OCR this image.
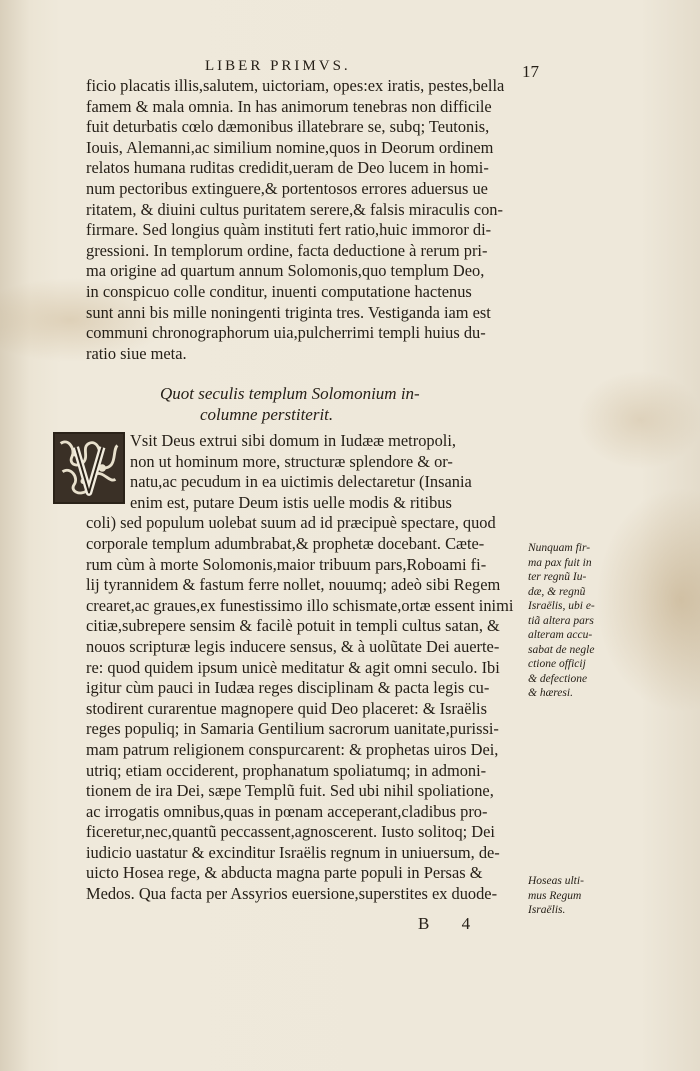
LIBER PRIMVS.	17
ficio placatis illis,salutem, uictoriam, opes:ex iratis, pestes,bella
famem & mala omnia. In has animorum tenebras non difficile
fuit deturbatis cœlo dæmonibus illatebrare se, subq; Teutonis,
Iouis, Alemanni,ac similium nomine,quos in Deorum ordinem
relatos humana ruditas credidit,ueram de Deo lucem in homi-
num pectoribus extinguere,& portentosos errores aduersus ue
ritatem, & diuini cultus puritatem serere,& falsis miraculis con-
firmare. Sed longius quàm instituti fert ratio,huic immoror di-
gressioni. In templorum ordine, facta deductione à rerum pri-
ma origine ad quartum annum Solomonis,quo templum Deo,
in conspicuo colle conditur, inuenti computatione hactenus
sunt anni bis mille noningenti triginta tres. Vestiganda iam est
communi chronographorum uia,pulcherrimi templi huius du-
ratio siue meta.
Quot seculis templum Solomonium in-
columne perstiterit.
Vsit Deus extrui sibi domum in Iudææ metropoli,
non ut hominum more, structuræ splendore & or-
natu,ac pecudum in ea uictimis delectaretur (Insania
enim est, putare Deum istis uelle modis & ritibus
coli) sed populum uolebat suum ad id præcipuè spectare, quod
corporale templum adumbrabat,& prophetæ docebant. Cæte-
rum cùm à morte Solomonis,maior tribuum pars,Roboami fi-
lij tyrannidem & fastum ferre nollet, nouumq; adeò sibi Regem
crearet,ac graues,ex funestissimo illo schismate,ortæ essent inimi
citiæ,subrepere sensim & facilè potuit in templi cultus satan, &
nouos scripturæ legis inducere sensus, & à uolũtate Dei auerte-
re: quod quidem ipsum unicè meditatur & agit omni seculo. Ibi
igitur cùm pauci in Iudæa reges disciplinam & pacta legis cu-
stodirent curarentue magnopere quid Deo placeret: & Israëlis
reges populiq; in Samaria Gentilium sacrorum uanitate,purissi-
mam patrum religionem conspurcarent: & prophetas uiros Dei,
utriq; etiam occiderent, prophanatum spoliatumq; in admoni-
tionem de ira Dei, sæpe Templũ fuit. Sed ubi nihil spoliatione,
ac irrogatis omnibus,quas in pœnam acceperant,cladibus pro-
ficeretur,nec,quantũ peccassent,agnoscerent. Iusto solitoq; Dei
iudicio uastatur & excinditur Israëlis regnum in uniuersum, de-
uicto Hosea rege, & abducta magna parte populi in Persas &
Medos. Qua facta per Assyrios euersione,superstites ex duode-
Nunquam fir-
ma pax fuit in
ter regnũ Iu-
dæ, & regnũ
Israëlis, ubi e-
tiã altera pars
alteram accu-
sabat de negle
ctione officij
& defectione
& hæresi.
Hoseas ulti-
mus Regum
Israëlis.
B 4
